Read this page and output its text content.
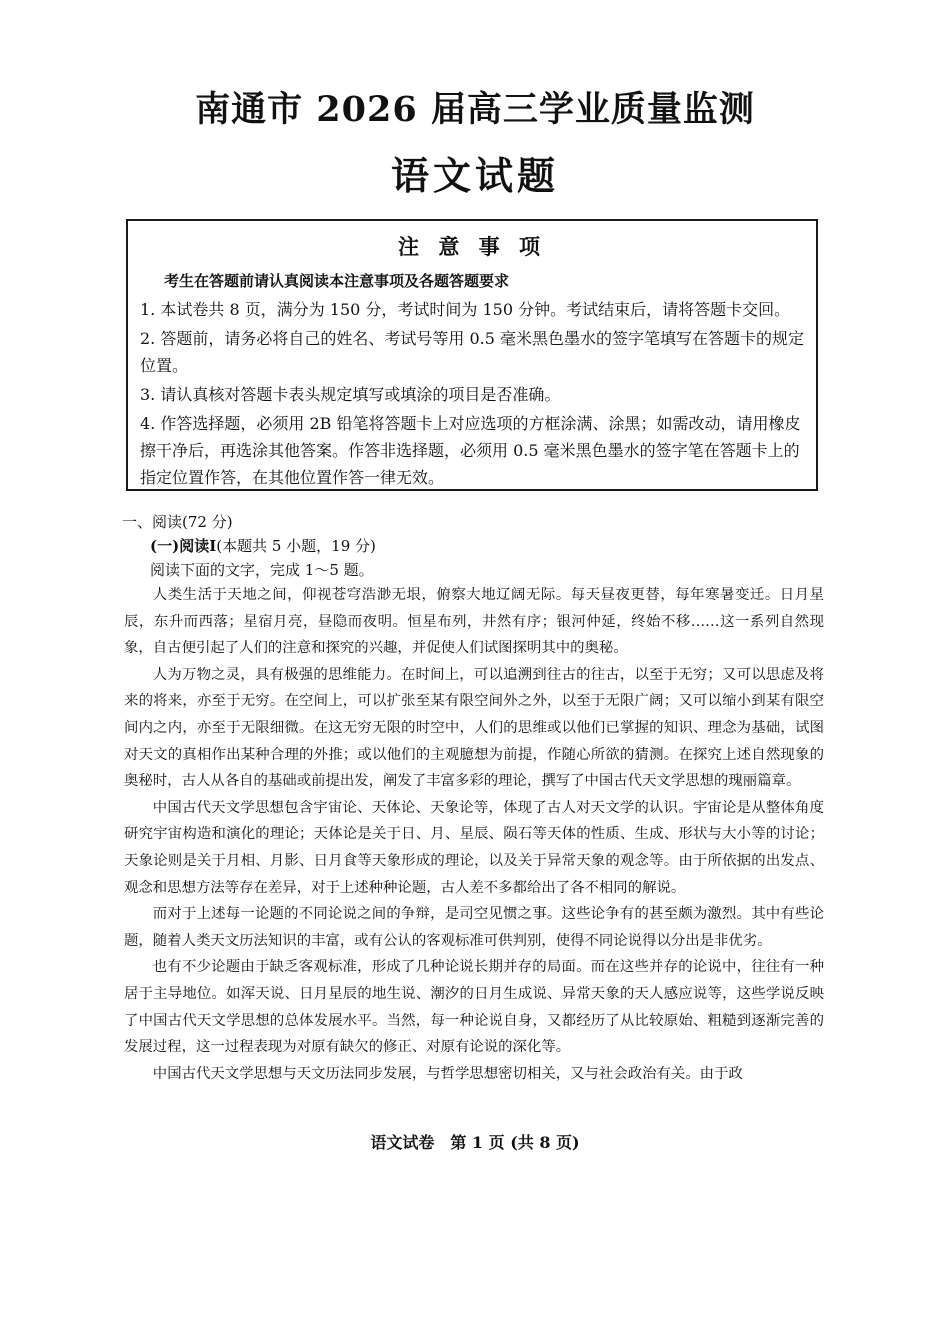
南通市 2026 届高三学业质量监测
语文试题
注 意 事 项
考生在答题前请认真阅读本注意事项及各题答题要求
1. 本试卷共 8 页，满分为 150 分，考试时间为 150 分钟。考试结束后，请将答题卡交回。
2. 答题前，请务必将自己的姓名、考试号等用 0.5 毫米黑色墨水的签字笔填写在答题卡的规定位置。
3. 请认真核对答题卡表头规定填写或填涂的项目是否准确。
4. 作答选择题，必须用 2B 铅笔将答题卡上对应选项的方框涂满、涂黑；如需改动，请用橡皮擦干净后，再选涂其他答案。作答非选择题，必须用 0.5 毫米黑色墨水的签字笔在答题卡上的指定位置作答，在其他位置作答一律无效。
一、阅读(72 分)
(一)阅读Ⅰ(本题共 5 小题，19 分)
阅读下面的文字，完成 1～5 题。

人类生活于天地之间，仰视苍穹浩渺无垠，俯察大地辽阔无际。每天昼夜更替，每年寒暑变迁。日月星辰，东升而西落；星宿月亮，昼隐而夜明。恒星布列，井然有序；银河仲延，终始不移……这一系列自然现象，自古便引起了人们的注意和探究的兴趣，并促使人们试图探明其中的奥秘。

人为万物之灵，具有极强的思维能力。在时间上，可以追溯到往古的往古，以至于无穷；又可以思虑及将来的将来，亦至于无穷。在空间上，可以扩张至某有限空间外之外，以至于无限广阔；又可以缩小到某有限空间内之内，亦至于无限细微。在这无穷无限的时空中，人们的思维或以他们已掌握的知识、理念为基础，试图对天文的真相作出某种合理的外推；或以他们的主观臆想为前提，作随心所欲的猜测。在探究上述自然现象的奥秘时，古人从各自的基础或前提出发，阐发了丰富多彩的理论，撰写了中国古代天文学思想的瑰丽篇章。

中国古代天文学思想包含宇宙论、天体论、天象论等，体现了古人对天文学的认识。宇宙论是从整体角度研究宇宙构造和演化的理论；天体论是关于日、月、星辰、陨石等天体的性质、生成、形状与大小等的讨论；天象论则是关于月相、月影、日月食等天象形成的理论，以及关于异常天象的观念等。由于所依据的出发点、观念和思想方法等存在差异，对于上述种种论题，古人差不多都给出了各不相同的解说。

而对于上述每一论题的不同论说之间的争辩，是司空见惯之事。这些论争有的甚至颇为激烈。其中有些论题，随着人类天文历法知识的丰富，或有公认的客观标准可供判别，使得不同论说得以分出是非优劣。

也有不少论题由于缺乏客观标准，形成了几种论说长期并存的局面。而在这些并存的论说中，往往有一种居于主导地位。如浑天说、日月星辰的地生说、潮汐的日月生成说、异常天象的天人感应说等，这些学说反映了中国古代天文学思想的总体发展水平。当然，每一种论说自身，又都经历了从比较原始、粗糙到逐渐完善的发展过程，这一过程表现为对原有缺欠的修正、对原有论说的深化等。

中国古代天文学思想与天文历法同步发展，与哲学思想密切相关，又与社会政治有关。由于政

语文试卷　第 1 页 (共 8 页)
